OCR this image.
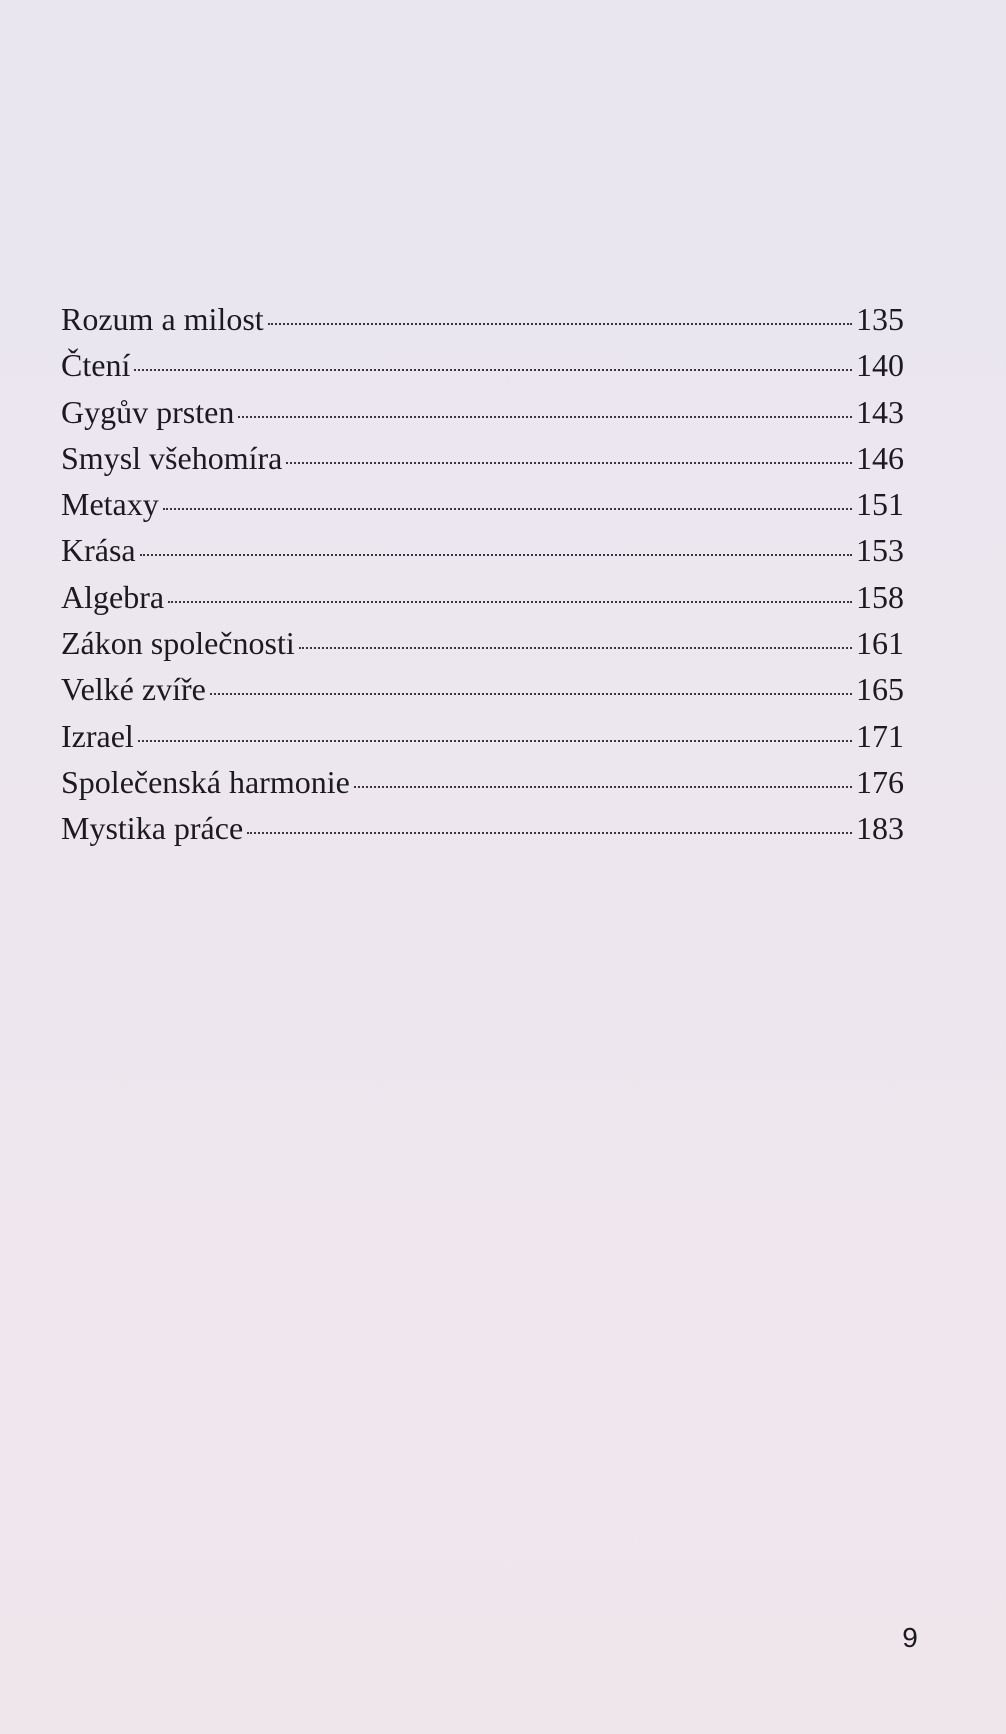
Rozum a milost	135
Čtení	140
Gygův prsten	143
Smysl všehomíra	146
Metaxy	151
Krása	153
Algebra	158
Zákon společnosti	161
Velké zvíře	165
Izrael	171
Společenská harmonie	176
Mystika práce	183
9
